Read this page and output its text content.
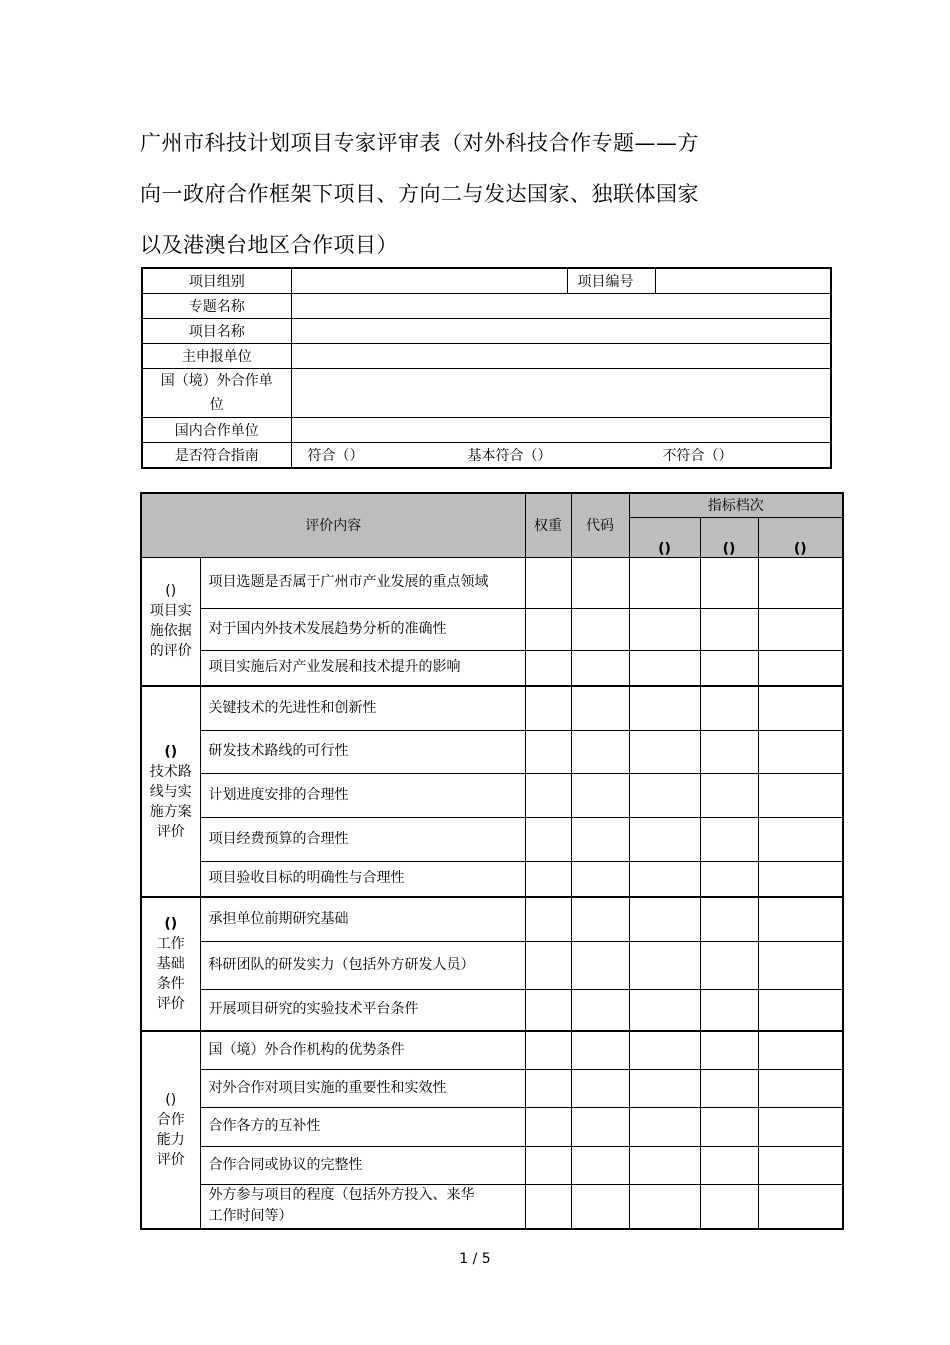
广州市科技计划项目专家评审表（对外科技合作专题——方
向一政府合作框架下项目、方向二与发达国家、独联体国家
以及港澳台地区合作项目）
项目组别		项目编号	
专题名称			
项目名称			
主申报单位			

国（境）外合作单
位			

国内合作单位			
是否符合指南	符合（） 基本符合（） 不符合（）		
评价内容		权重	代码	指标档次		
				()	()	()

()
项目实
施依据
的评价	项目选题是否属于广州市产业发展的重点领域					
	对于国内外技术发展趋势分析的准确性					
	项目实施后对产业发展和技术提升的影响					

()
技术路
线与实
施方案
评价	关键技术的先进性和创新性					
	研发技术路线的可行性					
	计划进度安排的合理性					
	项目经费预算的合理性					
	项目验收目标的明确性与合理性					

()
工作
基础
条件
评价	承担单位前期研究基础					
	科研团队的研发实力（包括外方研发人员）					
	开展项目研究的实验技术平台条件					

()
合作
能力
评价	国（境）外合作机构的优势条件					
	对外合作对项目实施的重要性和实效性					
	合作各方的互补性					
	合作合同或协议的完整性					
	外方参与项目的程度（包括外方投入、来华工作时间等）					
1 / 5
